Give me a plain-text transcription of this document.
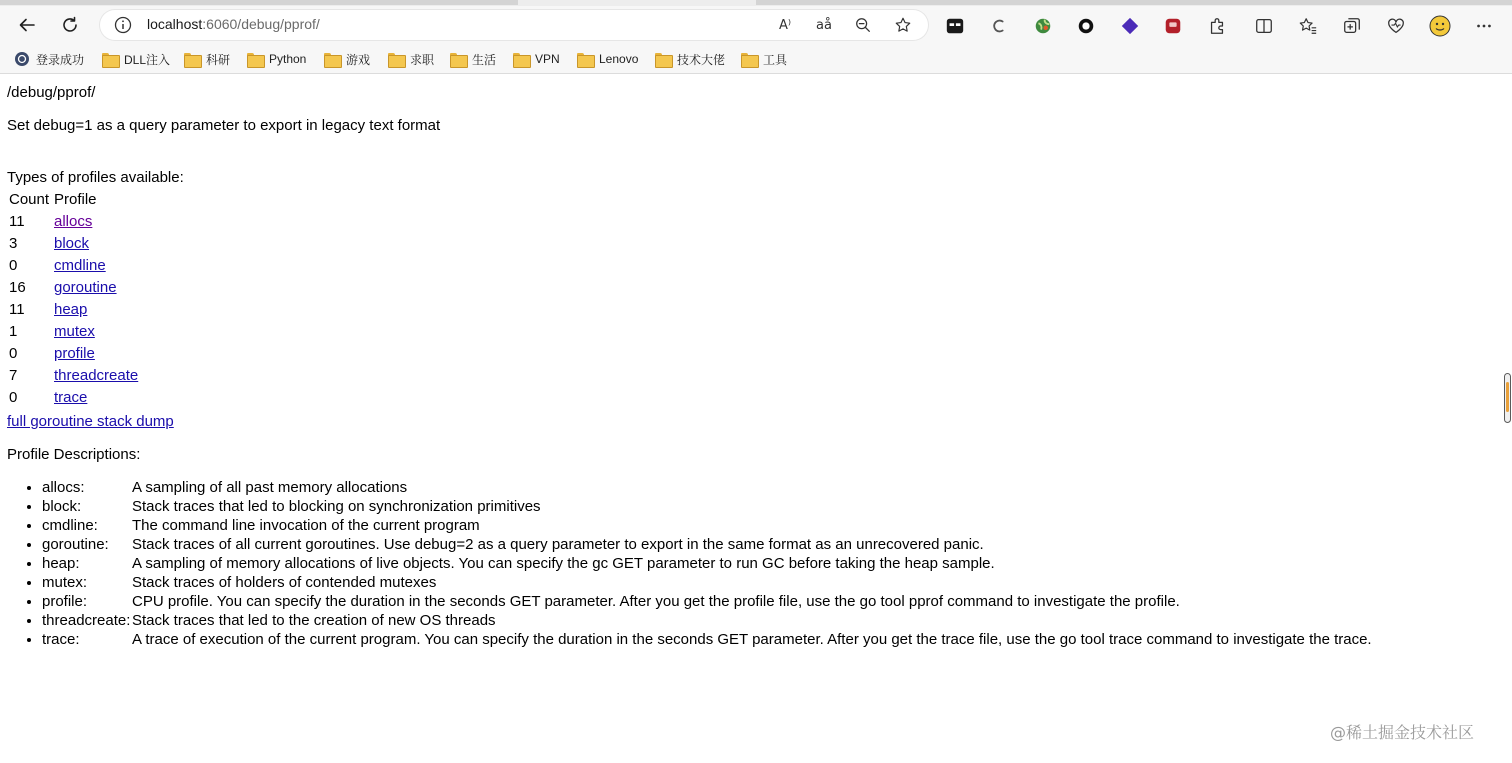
localhost:6060/debug/pprof/	A⁾	aå
登录成功	DLL注入	科研	Python	游戏	求职	生活	VPN	Lenovo	技术大佬	工具
/debug/pprof/

Set debug=1 as a query parameter to export in legacy text format

Types of profiles available:

Count	Profile
11	allocs
3	block
0	cmdline
16	goroutine
11	heap
1	mutex
0	profile
7	threadcreate
0	trace
full goroutine stack dump

Profile Descriptions:

• allocs:	A sampling of all past memory allocations
• block:	Stack traces that led to blocking on synchronization primitives
• cmdline: The command line invocation of the current program
• goroutine: Stack traces of all current goroutines. Use debug=2 as a query parameter to export in the same format as an unrecovered panic.
• heap:	A sampling of memory allocations of live objects. You can specify the gc GET parameter to run GC before taking the heap sample.
• mutex:	Stack traces of holders of contended mutexes
• profile:	CPU profile. You can specify the duration in the seconds GET parameter. After you get the profile file, use the go tool pprof command to investigate the profile.
• threadcreate: Stack traces that led to the creation of new OS threads
• trace:	A trace of execution of the current program. You can specify the duration in the seconds GET parameter. After you get the trace file, use the go tool trace command to investigate the trace.
@稀土掘金技术社区
